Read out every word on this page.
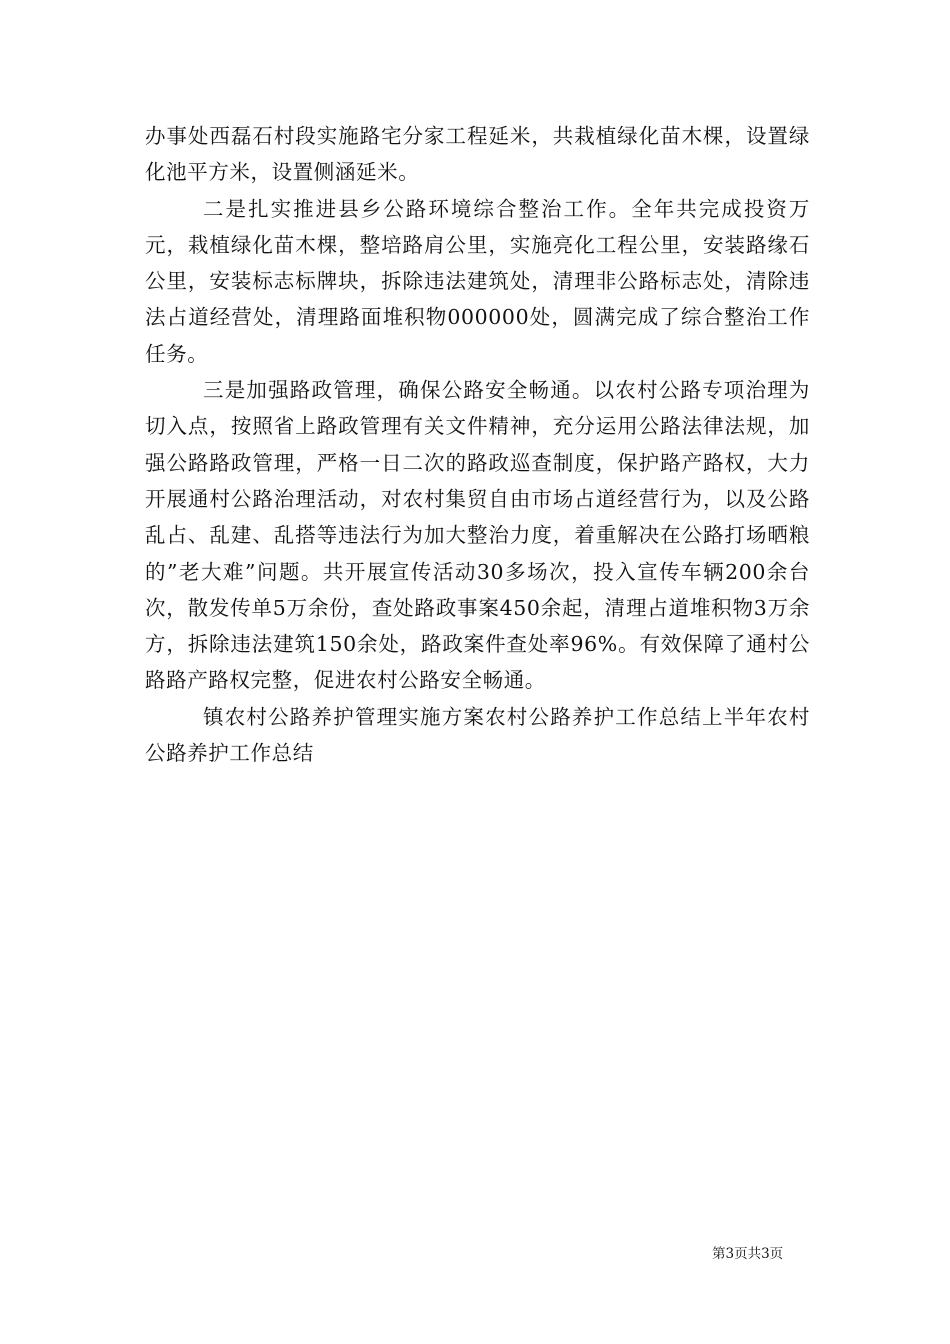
办事处西磊石村段实施路宅分家工程延米，共栽植绿化苗木棵，设置绿化池平方米，设置侧涵延米。

二是扎实推进县乡公路环境综合整治工作。全年共完成投资万元，栽植绿化苗木棵，整培路肩公里，实施亮化工程公里，安装路缘石公里，安装标志标牌块，拆除违法建筑处，清理非公路标志处，清除违法占道经营处，清理路面堆积物000000处，圆满完成了综合整治工作任务。

三是加强路政管理，确保公路安全畅通。以农村公路专项治理为切入点，按照省上路政管理有关文件精神，充分运用公路法律法规，加强公路路政管理，严格一日二次的路政巡查制度，保护路产路权，大力开展通村公路治理活动，对农村集贸自由市场占道经营行为，以及公路乱占、乱建、乱搭等违法行为加大整治力度，着重解决在公路打场晒粮的”老大难”问题。共开展宣传活动30多场次，投入宣传车辆200余台次，散发传单5万余份，查处路政事案450余起，清理占道堆积物3万余方，拆除违法建筑150余处，路政案件查处率96%。有效保障了通村公路路产路权完整，促进农村公路安全畅通。

镇农村公路养护管理实施方案农村公路养护工作总结上半年农村公路养护工作总结

第3页共3页
